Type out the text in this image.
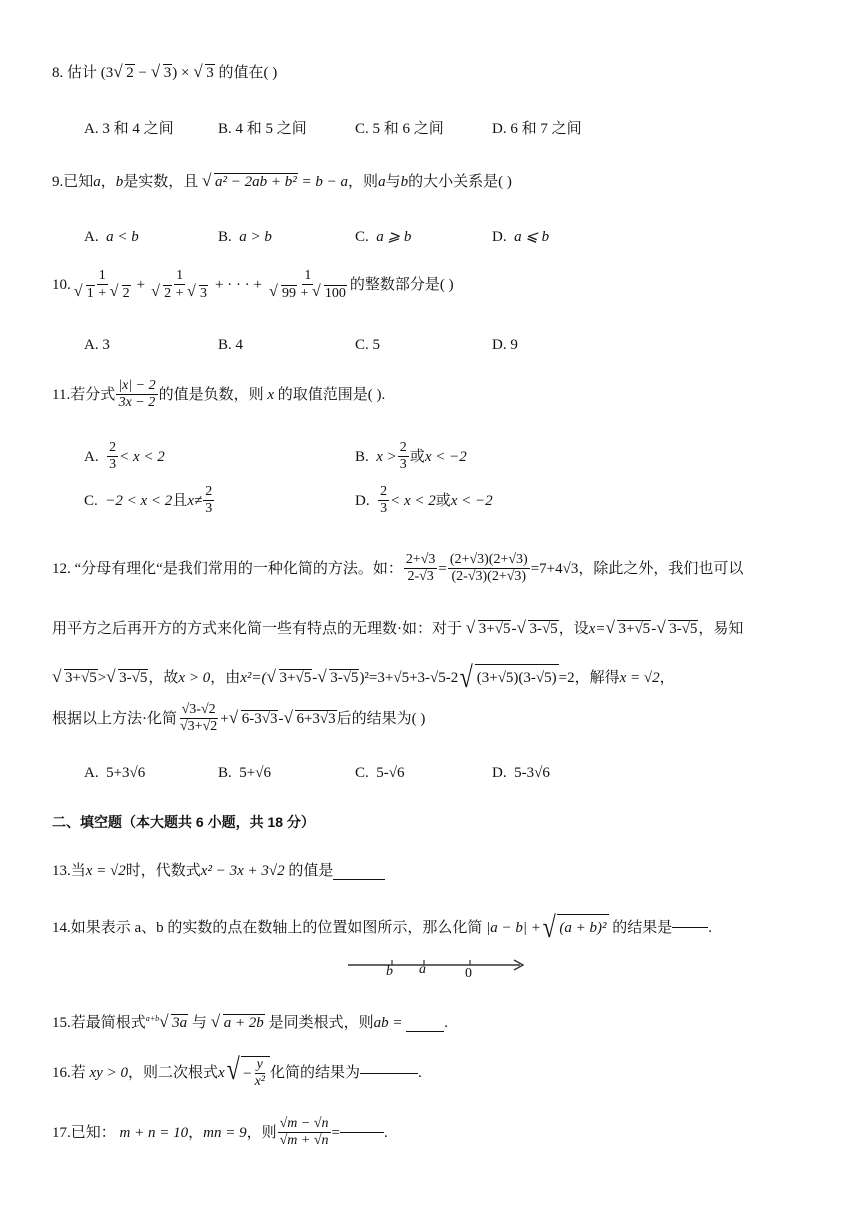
8. 估计 (3 √ 2 − √ 3) × √ 3 的值在( )
A. 3 和 4 之间	B. 4 和 5 之间	C. 5 和 6 之间	D. 6 和 7 之间
9.已知a，b是实数，且 √ a² − 2ab + b² = b − a，则a与b的大小关系是( )
A. a < b	B. a > b	C. a ⩾ b	D. a ⩽ b
10.
1
√ 1 + √ 2
+ 1
√ 2 + √ 3 + · · · + 1
√ 99 + √ 100 的整数部分是( )
A. 3	B. 4	C. 5	D. 9
11. 若分式
|x| − 2
3x − 2 的值是负数，则
x
的取值范围是( ).
A.

2
3 < x < 2	B.
x >
2
3 或 x < −2
C.
−2 < x < 2 且 x≠
2
3	D.

2
3 < x < 2 或 x < −2
12.
“分母有理化“是我们常用的一种化简的方法。如： $\frac{2+√3}{2-√3} = \frac{(2+√3)(2+√3)}{(2-√3)(2+√3)} =7+4√3$ ，除此之外，我们也可以
用平方之后再开方的方式来化简一些有特点的无理数·如：对于
	√ 3+√5 - √ 3-√5 ，设 x= √ 3+√5 - √ 3-√5 ，易知
√ 3+√5 > √ 3-√5 ，故 x > 0 ，由 x²=( √ 3+√5 - √ 3-√5 )²=3+√5+3-√5-2 √ (3+√5)(3-√5) =2 ，解得 x = √2 ，
根据以上方法·化简
√3-√2
√3+√2 + √ 6-3√3 - √ 6+3√3 后的结果为( )
A. 5+3√6	B. 5+√6	C. 5-√6	D. 5-3√6
二、填空题（本大题共 6 小题，共 18 分）
13.当x = √2时，代数式x² − 3x + 3√2 的值是
14. 如果表示 a、b 的实数的点在数轴上的位置如图所示，那么化简
|a − b| + √ (a + b)²
的结果是 .
b a	0
15.若最简根式$^{a+b}$ √ 3a 与 √ a + 2b 是同类根式，则ab =	.
16. 若
xy > 0 ，则二次根式 x √ −
y
x²
化简的结果为	.
17. 已知：
m + n = 10 ， mn = 9 ，则 $\frac{√m - √n}{√m + √n}$ =	.
